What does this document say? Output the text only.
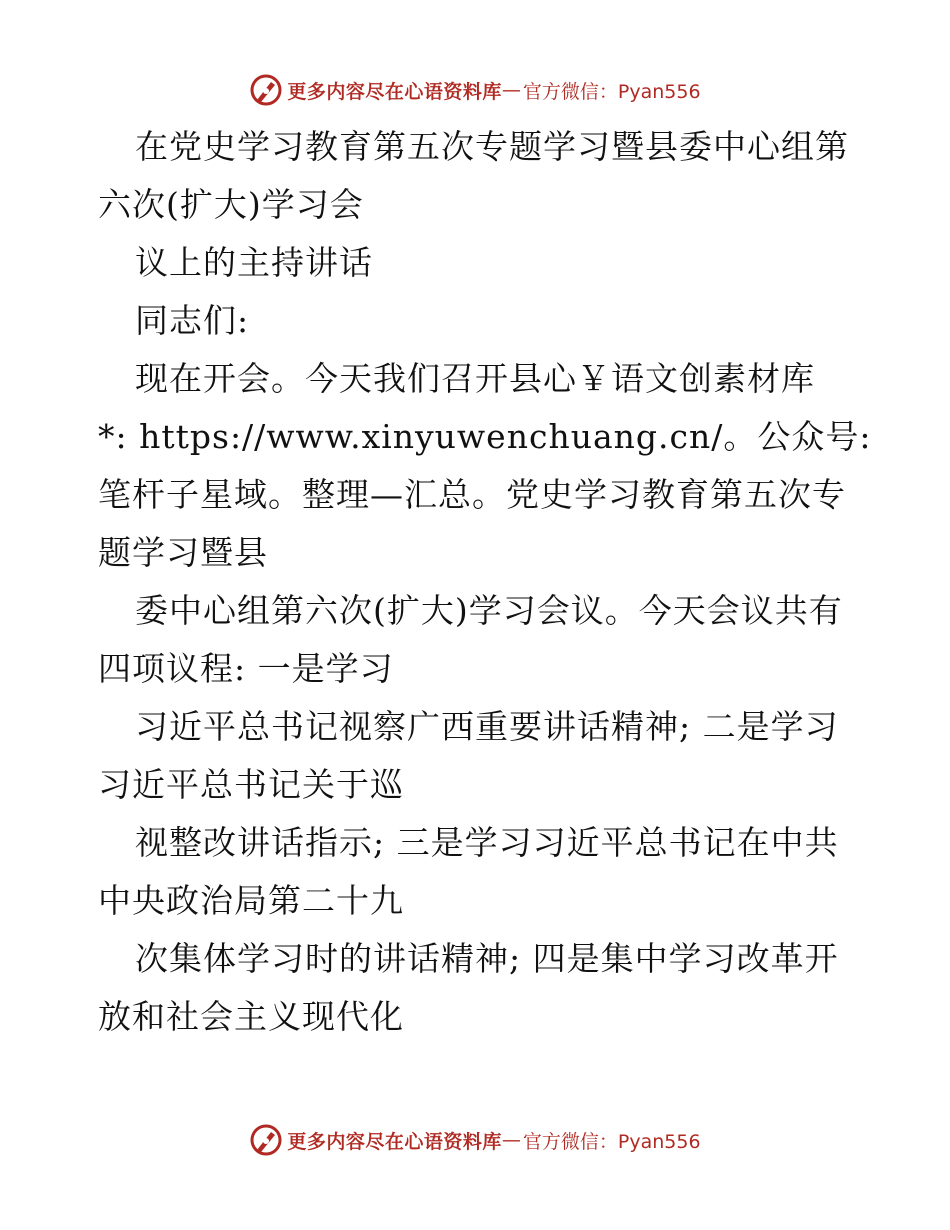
更多内容尽在心语资料库 — 官方微信：Pyan556
在党史学习教育第五次专题学习暨县委中心组第
六次(扩大)学习会
议上的主持讲话
同志们:
现在开会。今天我们召开县心￥语文创素材库
*: https://www.xinyuwenchuang.cn/。公众号:
笔杆子星域。整理—汇总。党史学习教育第五次专
题学习暨县
委中心组第六次(扩大)学习会议。今天会议共有
四项议程: 一是学习
习近平总书记视察广西重要讲话精神; 二是学习
习近平总书记关于巡
视整改讲话指示; 三是学习习近平总书记在中共
中央政治局第二十九
次集体学习时的讲话精神; 四是集中学习改革开
放和社会主义现代化
更多内容尽在心语资料库 — 官方微信：Pyan556
